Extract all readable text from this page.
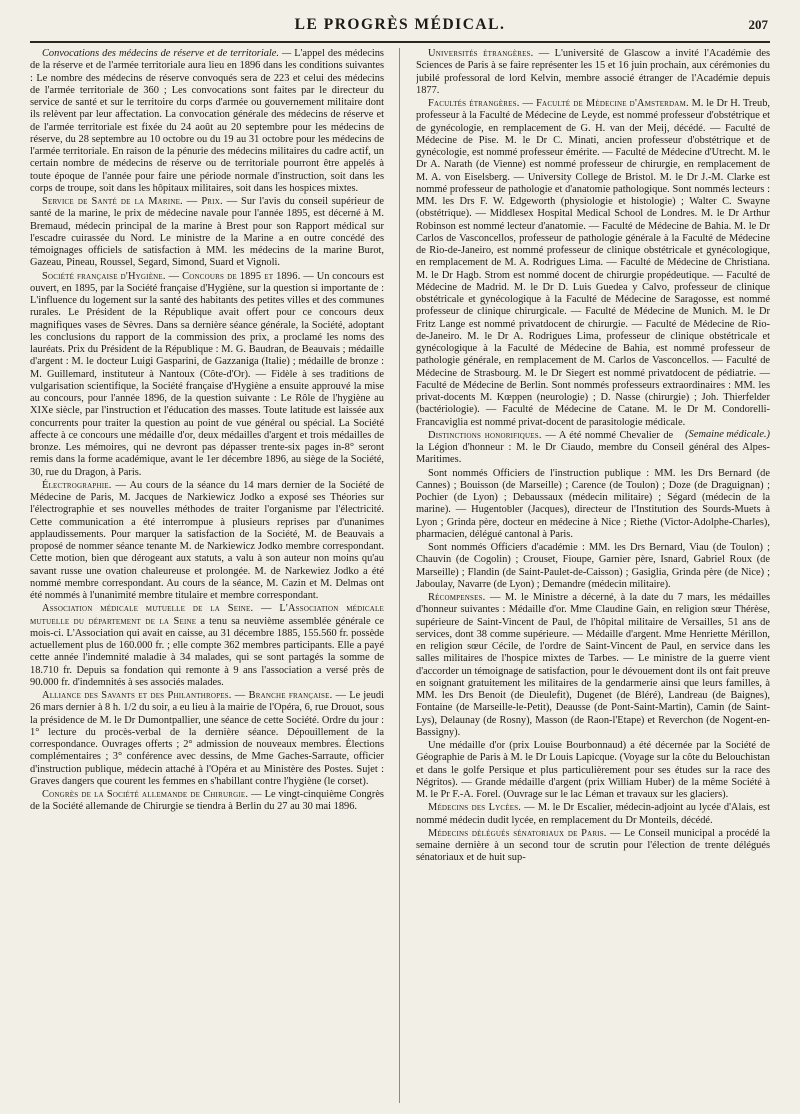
LE PROGRÈS MÉDICAL.	207

Convocations des médecins de réserve et de territoriale. — L'appel des médecins de la réserve et de l'armée territoriale aura lieu en 1896 dans les conditions suivantes : Le nombre des médecins de réserve convoqués sera de 223 et celui des médecins de l'armée territoriale de 360 ; Les convocations sont faites par le directeur du service de santé et sur le territoire du corps d'armée ou gouvernement militaire dont ils relèvent par leur affectation. La convocation générale des médecins de réserve et de l'armée territoriale est fixée du 24 août au 20 septembre pour les médecins de réserve, du 28 septembre au 10 octobre ou du 19 au 31 octobre pour les médecins de l'armée territoriale. En raison de la pénurie des médecins militaires du cadre actif, un certain nombre de médecins de réserve ou de territoriale pourront être appelés à toute époque de l'année pour faire une période normale d'instruction, soit dans les corps de troupe, soit dans les hôpitaux militaires, soit dans les hospices mixtes.

Service de Santé de la Marine. — Prix. — Sur l'avis du conseil supérieur de santé de la marine, le prix de médecine navale pour l'année 1895, est décerné à M. Bremaud, médecin principal de la marine à Brest pour son Rapport médical sur l'escadre cuirassée du Nord. Le ministre de la Marine a en outre concédé des témoignages officiels de satisfaction à MM. les médecins de la marine Burot, Gazeau, Pineau, Roussel, Segard, Simond, Suard et Vignoli.

Société française d'Hygiène. — Concours de 1895 et 1896. — Un concours est ouvert, en 1895, par la Société française d'Hygiène, sur la question si importante de : L'influence du logement sur la santé des habitants des petites villes et des communes rurales. Le Président de la République avait offert pour ce concours deux magnifiques vases de Sèvres. Dans sa dernière séance générale, la Société, adoptant les conclusions du rapport de la commission des prix, a proclamé les noms des lauréats. Prix du Président de la République : M. G. Baudran, de Beauvais ; médaille d'argent : M. le docteur Luigi Gasparini, de Gazzaniga (Italie) ; médaille de bronze : M. Guillemard, instituteur à Nantoux (Côte-d'Or). — Fidèle à ses traditions de vulgarisation scientifique, la Société française d'Hygiène a ensuite approuvé la mise au concours, pour l'année 1896, de la question suivante : Le Rôle de l'hygiène au XIXe siècle, par l'instruction et l'éducation des masses. Toute latitude est laissée aux concurrents pour traiter la question au point de vue général ou spécial. La Société affecte à ce concours une médaille d'or, deux médailles d'argent et trois médailles de bronze. Les mémoires, qui ne devront pas dépasser trente-six pages in-8° seront remis dans la forme académique, avant le 1er décembre 1896, au siège de la Société, 30, rue du Dragon, à Paris.

Électrographie. — Au cours de la séance du 14 mars dernier de la Société de Médecine de Paris, M. Jacques de Narkiewicz Jodko a exposé ses Théories sur l'électrographie et ses nouvelles méthodes de traiter l'organisme par l'électricité. Cette communication a été interrompue à plusieurs reprises par d'unanimes applaudissements. Pour marquer la satisfaction de la Société, M. de Beauvais a proposé de nommer séance tenante M. de Narkiewicz Jodko membre correspondant. Cette motion, bien que dérogeant aux statuts, a valu à son auteur non moins qu'au savant russe une ovation chaleureuse et prolongée. M. de Narkewiez Jodko a été nommé membre correspondant. Au cours de la séance, M. Cazin et M. Delmas ont été nommés à l'unanimité membre titulaire et membre correspondant.

Association médicale mutuelle de la Seine. — L'Association médicale mutuelle du département de la Seine a tenu sa neuvième assemblée générale ce mois-ci. L'Association qui avait en caisse, au 31 décembre 1885, 155.560 fr. possède actuellement plus de 160.000 fr. ; elle compte 362 membres participants. Elle a payé cette année l'indemnité maladie à 34 malades, qui se sont partagés la somme de 18.710 fr. Depuis sa fondation qui remonte à 9 ans l'association a versé près de 90.000 fr. d'indemnités à ses associés malades.

Alliance des Savants et des Philanthropes. — Branche française. — Le jeudi 26 mars dernier à 8 h. 1/2 du soir, a eu lieu à la mairie de l'Opéra, 6, rue Drouot, sous la présidence de M. le Dr Dumontpallier, une séance de cette Société. Ordre du jour : 1° lecture du procès-verbal de la dernière séance. Dépouillement de la correspondance. Ouvrages offerts ; 2° admission de nouveaux membres. Élections complémentaires ; 3° conférence avec dessins, de Mme Gaches-Sarraute, officier d'instruction publique, médecin attaché à l'Opéra et au Ministère des Postes. Sujet : Graves dangers que courent les femmes en s'habillant contre l'hygiène (le corset).

Congrès de la Société allemande de Chirurgie. — Le vingt-cinquième Congrès de la Société allemande de Chirurgie se tiendra à Berlin du 27 au 30 mai 1896.

Universités étrangères. — L'université de Glascow a invité l'Académie des Sciences de Paris à se faire représenter les 15 et 16 juin prochain, aux cérémonies du jubilé professoral de lord Kelvin, membre associé étranger de l'Académie depuis 1877.

Facultés étrangères. — Faculté de Médecine d'Amsterdam. M. le Dr H. Treub, professeur à la Faculté de Médecine de Leyde, est nommé professeur d'obstétrique et de gynécologie, en remplacement de G. H. van der Meij, décédé. — Faculté de Médecine de Pise. M. le Dr C. Minati, ancien professeur d'obstétrique et de gynécologie, est nommé professeur émérite. — Faculté de Médecine d'Utrecht. M. le Dr A. Narath (de Vienne) est nommé professeur de chirurgie, en remplacement de M. A. von Eiselsberg. — University College de Bristol. M. le Dr J.-M. Clarke est nommé professeur de pathologie et d'anatomie pathologique. Sont nommés lecteurs : MM. les Drs F. W. Edgeworth (physiologie et histologie) ; Walter C. Swayne (obstétrique). — Middlesex Hospital Medical School de Londres. M. le Dr Arthur Robinson est nommé lecteur d'anatomie. — Faculté de Médecine de Bahia. M. le Dr Carlos de Vasconcellos, professeur de pathologie générale à la Faculté de Médecine de Rio-de-Janeiro, est nommé professeur de clinique obstétricale et gynécologique, en remplacement de M. A. Rodrigues Lima. — Faculté de Médecine de Christiana. M. le Dr Hagb. Strom est nommé docent de chirurgie propédeutique. — Faculté de Médecine de Madrid. M. le Dr D. Luis Guedea y Calvo, professeur de clinique obstétricale et gynécologique à la Faculté de Médecine de Saragosse, est nommé professeur de clinique chirurgicale. — Faculté de Médecine de Munich. M. le Dr Fritz Lange est nommé privatdocent de chirurgie. — Faculté de Médecine de Rio-de-Janeiro. M. le Dr A. Rodrigues Lima, professeur de clinique obstétricale et gynécologique à la Faculté de Médecine de Bahia, est nommé professeur de pathologie générale, en remplacement de M. Carlos de Vasconcellos. — Faculté de Médecine de Strasbourg. M. le Dr Siegert est nommé privatdocent de pédiatrie. — Faculté de Médecine de Berlin. Sont nommés professeurs extraordinaires : MM. les privat-docents M. Kœppen (neurologie) ; D. Nasse (chirurgie) ; Joh. Thierfelder (bactériologie). — Faculté de Médecine de Catane. M. le Dr M. Condorelli-Francaviglia est nommé privat-docent de parasitologie médicale.
(Semaine médicale.)

Distinctions honorifiques. — A été nommé Chevalier de la Légion d'honneur : M. le Dr Ciaudo, membre du Conseil général des Alpes-Maritimes.

Sont nommés Officiers de l'instruction publique : MM. les Drs Bernard (de Cannes) ; Bouisson (de Marseille) ; Carence (de Toulon) ; Doze (de Draguignan) ; Pochier (de Lyon) ; Debaussaux (médecin militaire) ; Ségard (médecin de la marine). — Hugentobler (Jacques), directeur de l'Institution des Sourds-Muets à Lyon ; Grinda père, docteur en médecine à Nice ; Riethe (Victor-Adolphe-Charles), pharmacien, délégué cantonal à Paris.

Sont nommés Officiers d'académie : MM. les Drs Bernard, Viau (de Toulon) ; Chauvin (de Cogolin) ; Crouset, Fioupe, Garnier père, Isnard, Gabriel Roux (de Marseille) ; Flandin (de Saint-Paulet-de-Caisson) ; Gasiglia, Grinda père (de Nice) ; Jaboulay, Navarre (de Lyon) ; Demandre (médecin militaire).

Récompenses. — M. le Ministre a décerné, à la date du 7 mars, les médailles d'honneur suivantes : Médaille d'or. Mme Claudine Gain, en religion sœur Thérèse, supérieure de Saint-Vincent de Paul, de l'hôpital militaire de Versailles, 51 ans de services, dont 38 comme supérieure. — Médaille d'argent. Mme Henriette Mérillon, en religion sœur Cécile, de l'ordre de Saint-Vincent de Paul, en service dans les salles militaires de l'hospice mixtes de Tarbes. — Le ministre de la guerre vient d'accorder un témoignage de satisfaction, pour le dévouement dont ils ont fait preuve en soignant gratuitement les militaires de la gendarmerie ainsi que leurs familles, à MM. les Drs Benoit (de Dieulefit), Dugenet (de Bléré), Landreau (de Baignes), Fontaine (de Marseille-le-Petit), Deausse (de Pont-Saint-Martin), Camin (de Saint-Lys), Delaunay (de Rosny), Masson (de Raon-l'Etape) et Reverchon (de Nogent-en-Bassigny).

Une médaille d'or (prix Louise Bourbonnaud) a été décernée par la Société de Géographie de Paris à M. le Dr Louis Lapicque. (Voyage sur la côte du Belouchistan et dans le golfe Persique et plus particulièrement pour ses études sur la race des Négritos). — Grande médaille d'argent (prix William Huber) de la même Société à M. le Pr F.-A. Forel. (Ouvrage sur le lac Léman et travaux sur les glaciers).

Médecins des Lycées. — M. le Dr Escalier, médecin-adjoint au lycée d'Alais, est nommé médecin dudit lycée, en remplacement du Dr Monteils, décédé.

Médecins délégués sénatoriaux de Paris. — Le Conseil municipal a procédé la semaine dernière à un second tour de scrutin pour l'élection de trente délégués sénatoriaux et de huit sup-
